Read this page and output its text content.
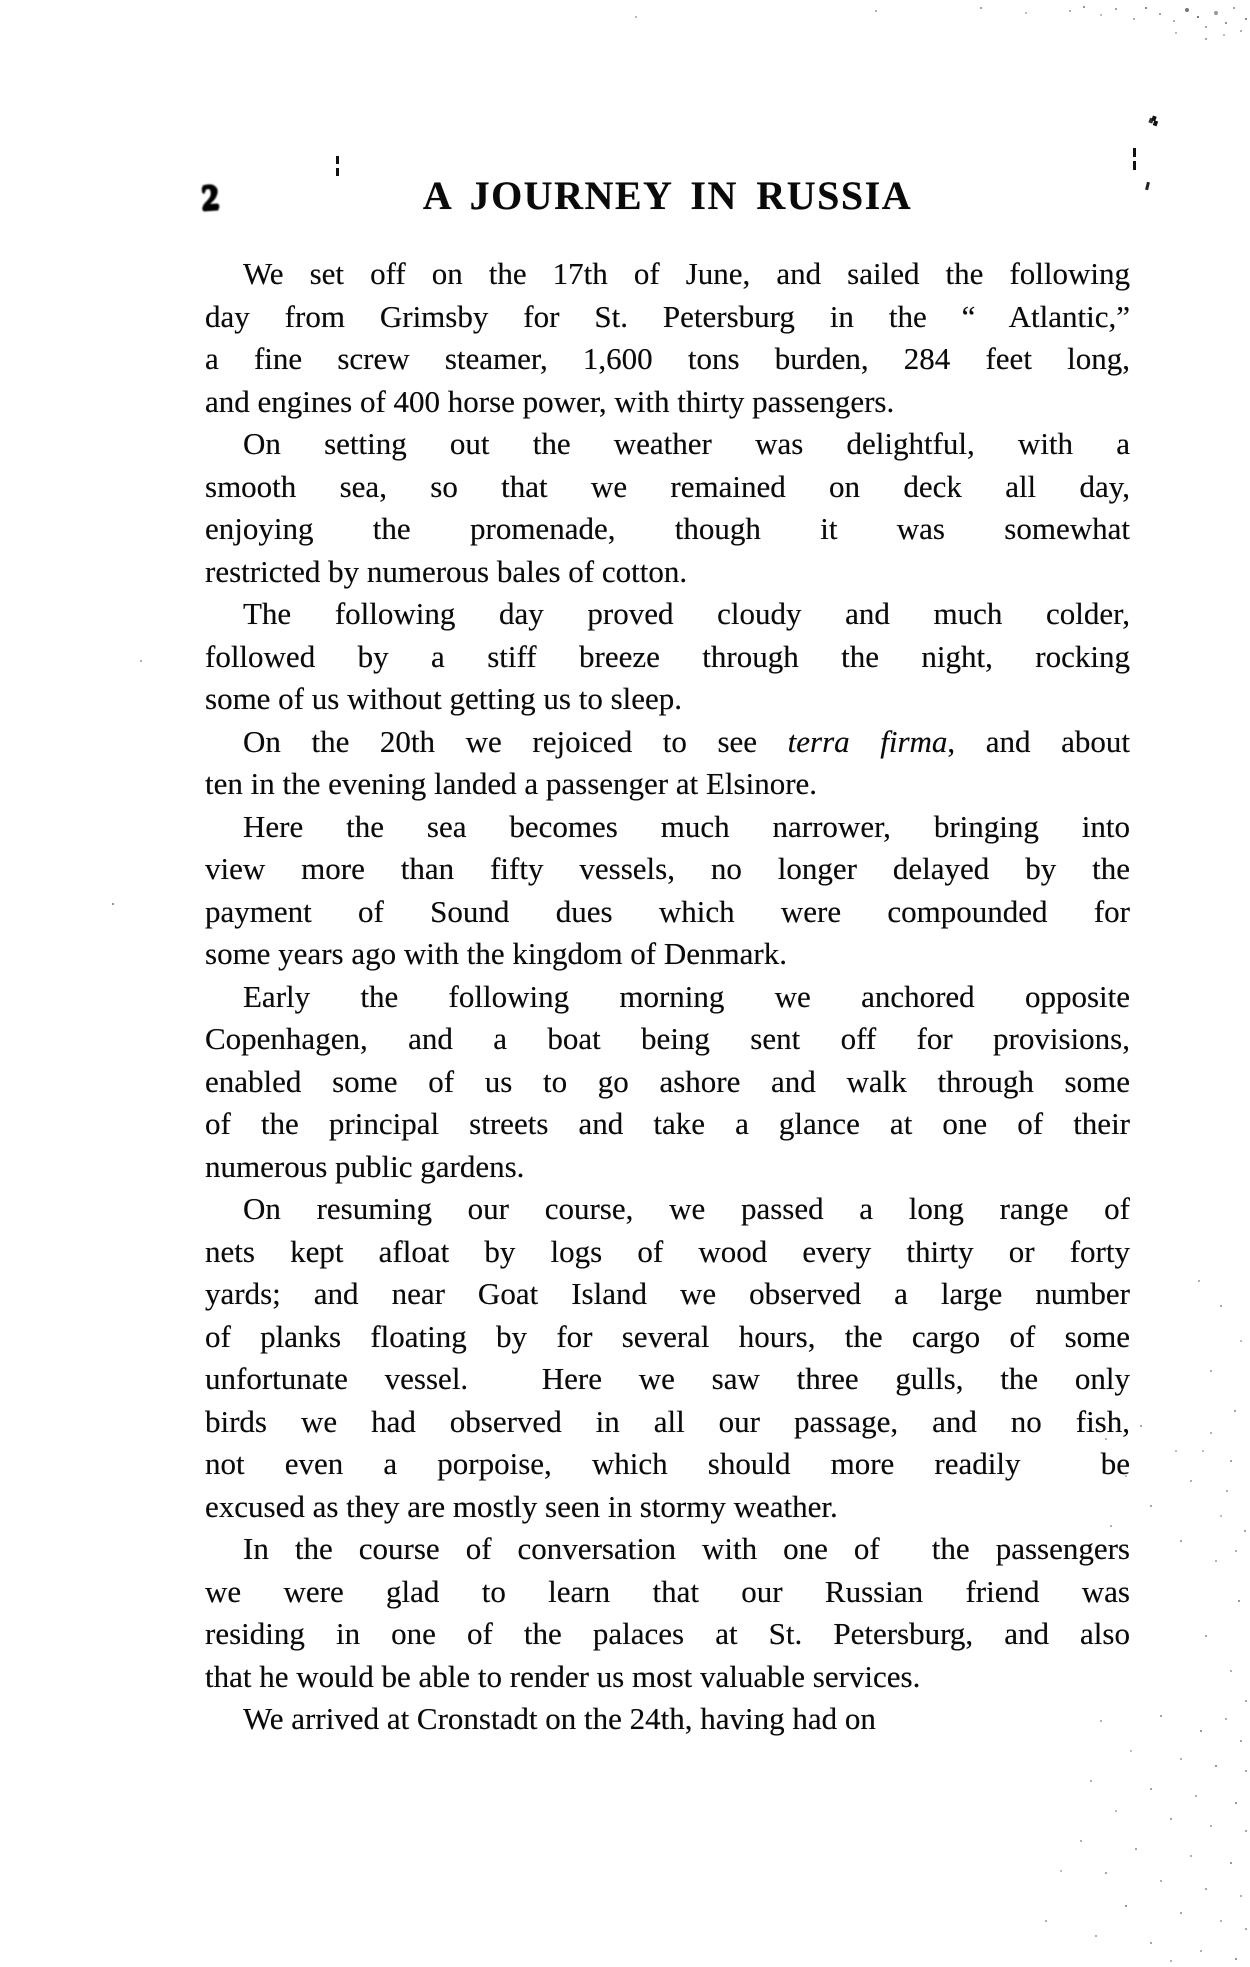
2	A JOURNEY IN RUSSIA
We set off on the 17th of June, and sailed the following
day from Grimsby for St. Petersburg in the “ Atlantic,”
a fine screw steamer, 1,600 tons burden, 284 feet long,
and engines of 400 horse power, with thirty passengers.
On setting out the weather was delightful, with a
smooth sea, so that we remained on deck all day,
enjoying the promenade, though it was somewhat
restricted by numerous bales of cotton.
The following day proved cloudy and much colder,
followed by a stiff breeze through the night, rocking
some of us without getting us to sleep.
On the 20th we rejoiced to see terra firma, and about
ten in the evening landed a passenger at Elsinore.
Here the sea becomes much narrower, bringing into
view more than fifty vessels, no longer delayed by the
payment of Sound dues which were compounded for
some years ago with the kingdom of Denmark.
Early the following morning we anchored opposite
Copenhagen, and a boat being sent off for provisions,
enabled some of us to go ashore and walk through some
of the principal streets and take a glance at one of their
numerous public gardens.
On resuming our course, we passed a long range of
nets kept afloat by logs of wood every thirty or forty
yards; and near Goat Island we observed a large number
of planks floating by for several hours, the cargo of some
unfortunate vessel.  Here we saw three gulls, the only
birds we had observed in all our passage, and no fish,
not even a porpoise, which should more readily  be
excused as they are mostly seen in stormy weather.
In the course of conversation with one of  the passengers
we were glad to learn that our Russian friend was
residing in one of the palaces at St. Petersburg, and also
that he would be able to render us most valuable services.
We arrived at Cronstadt on the 24th, having had on
